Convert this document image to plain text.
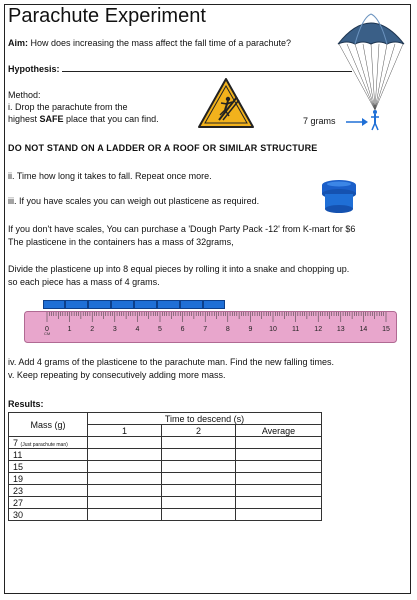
Parachute Experiment
Aim: How does increasing the mass affect the fall time of a parachute?
Hypothesis:
Method:
i. Drop the parachute from the
highest SAFE place that you can find.	7 grams
DO NOT STAND ON A LADDER OR A ROOF OR SIMILAR STRUCTURE
ii. Time how long it takes to fall. Repeat once more.
iii. If you have scales you can weigh out plasticene as required.
If you don't have scales, You can purchase a 'Dough Party Pack -12' from K-mart for $6
The plasticene in the containers has a mass of 32grams,
Divide the plasticene up into 8 equal pieces by rolling it into a snake and chopping up.
so each piece has a mass of 4 grams.
0	1	2	3	4	5	6	7	8	9 10 11 12 13 14 15
CM
iv. Add 4 grams of the plasticene to the parachute man. Find the new falling times.
v. Keep repeating by consecutively adding more mass.
Results:
Mass (g)	Time to descend (s)		
	1	2	Average
7 (Just parachute man)			
11			
15			
19			
23			
27			
30			
